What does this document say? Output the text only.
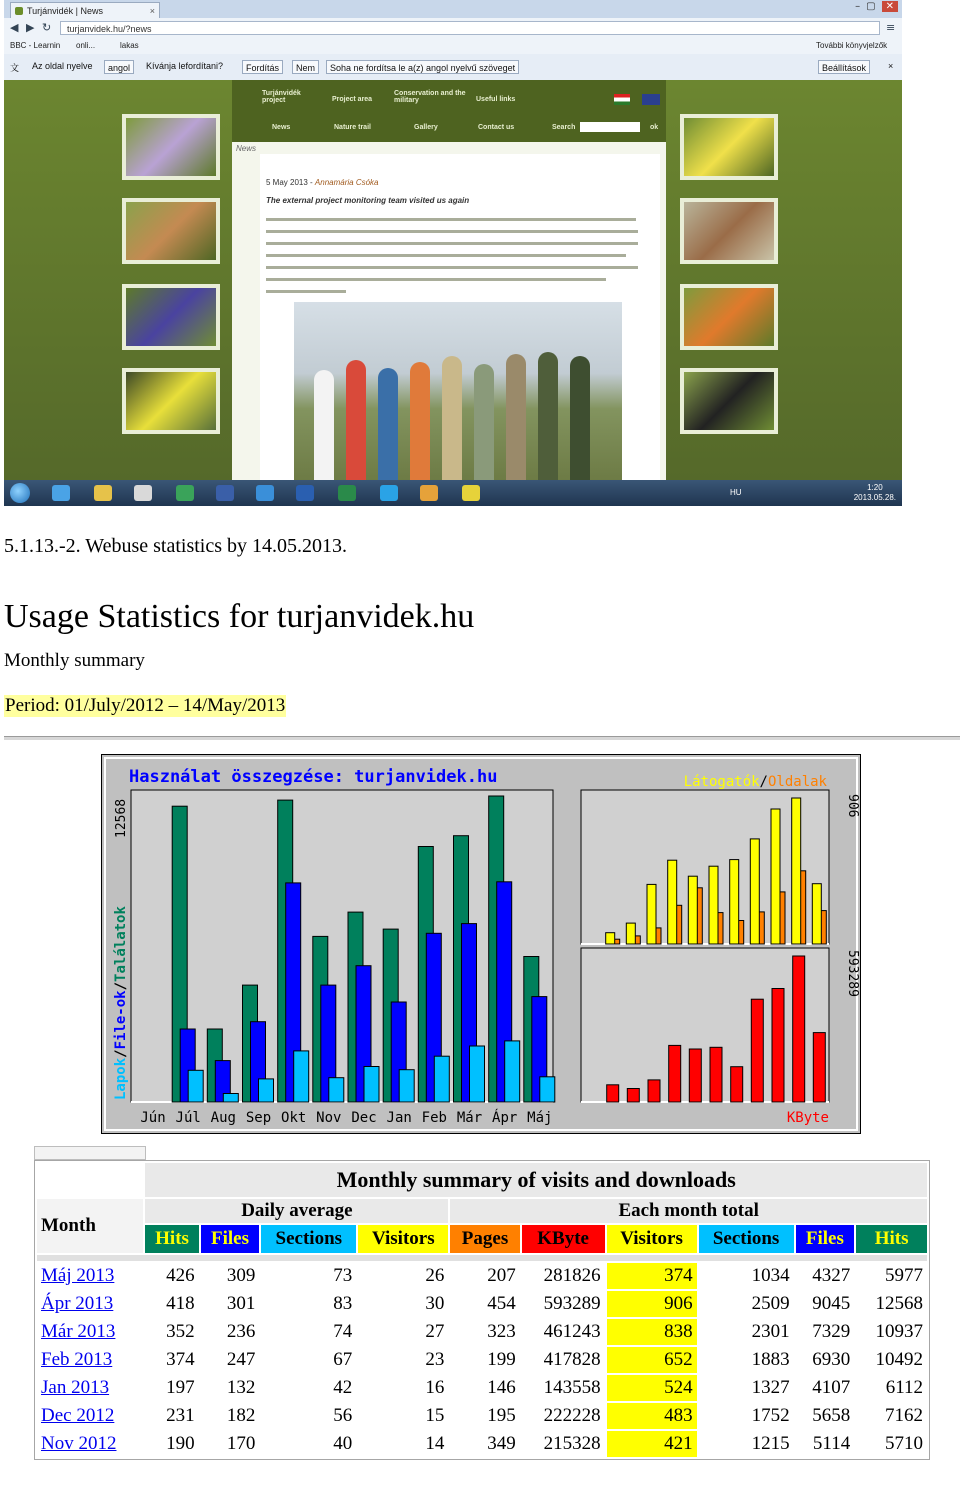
Turjánvidék | News	×	–▢ ✕
◀ ▶ ↻	turjanvidek.hu/?news	≡
BBC - Learnin onli...	lakas	További könyvjelzők
文 Az oldal nyelve	angol	Kívánja lefordítani?	Fordítás	Nem	Soha ne fordítsa le a(z) angol nyelvű szöveget	Beállítások	×
Turjánvidék project	Project area
Conservation and the military	Useful links
News	Nature trail	Gallery	Contact us	Search	ok
News
5 May 2013 - Annamária Csóka
The external project monitoring team visited us again
HU
1:20
2013.05.28.
5.1.13.-2. Webuse statistics by 14.05.2013.
Usage Statistics for turjanvidek.hu
Monthly summary
Period: 01/July/2012 – 14/May/2013
Használat összegzése: turjanvidek.hu	Látogatók/Oldalak
Jún Júl Aug Sep Okt Nov Dec Jan Feb Már Ápr Máj
12568
Lapok/File-ok/Találatok
906
593289
KByte
	Monthly summary of visits and downloads									
Month	Daily average				Each month total					
	Hits	Files	Sections	Visitors	Pages	KByte	Visitors	Sections	Files	Hits

Máj 2013	426	309	73	26	207	281826	374	1034	4327	5977
Ápr 2013	418	301	83	30	454	593289	906	2509	9045	12568
Már 2013	352	236	74	27	323	461243	838	2301	7329	10937
Feb 2013	374	247	67	23	199	417828	652	1883	6930	10492
Jan 2013	197	132	42	16	146	143558	524	1327	4107	6112
Dec 2012	231	182	56	15	195	222228	483	1752	5658	7162
Nov 2012	190	170	40	14	349	215328	421	1215	5114	5710
